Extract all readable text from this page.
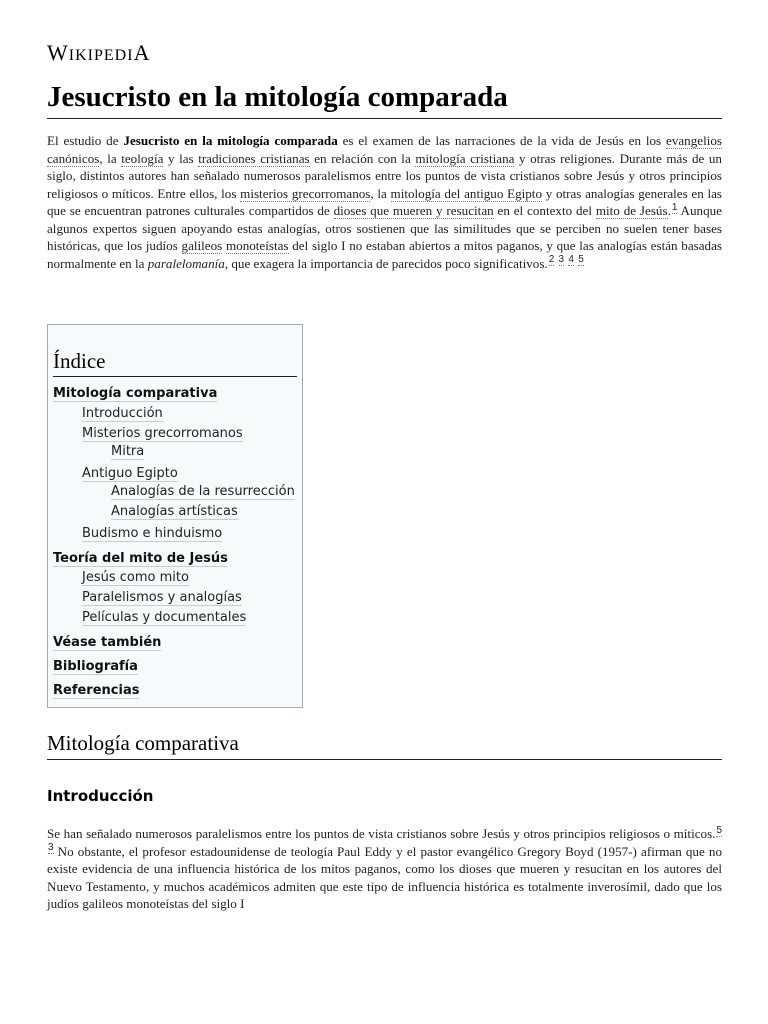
WIKIPEDIA
Jesucristo en la mitología comparada

El estudio de Jesucristo en la mitología comparada es el examen de las narraciones de la vida de Jesús en los evangelios canónicos, la teología y las tradiciones cristianas en relación con la mitología cristiana y otras religiones. Durante más de un siglo, distintos autores han señalado numerosos paralelismos entre los puntos de vista cristianos sobre Jesús y otros principios religiosos o míticos. Entre ellos, los misterios grecorromanos, la mitología del antiguo Egipto y otras analogías generales en las que se encuentran patrones culturales compartidos de dioses que mueren y resucitan en el contexto del mito de Jesús.$^1$ Aunque algunos expertos siguen apoyando estas analogías, otros sostienen que las similitudes que se perciben no suelen tener bases históricas, que los judíos galileos monoteístas del siglo I no estaban abiertos a mitos paganos, y que las analogías están basadas normalmente en la paralelomanía, que exagera la importancia de parecidos poco significativos.$^2$ $^3$ $^4$ $^5$

Índice
Mitología comparativa
Introducción
Misterios grecorromanos
Mitra
Antiguo Egipto
Analogías de la resurrección
Analogías artísticas
Budismo e hinduismo
Teoría del mito de Jesús
Jesús como mito
Paralelismos y analogías
Películas y documentales
Véase también
Bibliografía
Referencias
Mitología comparativa
Introducción

Se han señalado numerosos paralelismos entre los puntos de vista cristianos sobre Jesús y otros principios religiosos o míticos.$^5$ $^3$ No obstante, el profesor estadounidense de teología Paul Eddy y el pastor evangélico Gregory Boyd (1957-) afirman que no existe evidencia de una influencia histórica de los mitos paganos, como los dioses que mueren y resucitan en los autores del Nuevo Testamento, y muchos académicos admiten que este tipo de influencia histórica es totalmente inverosímil, dado que los judíos galileos monoteístas del siglo I
